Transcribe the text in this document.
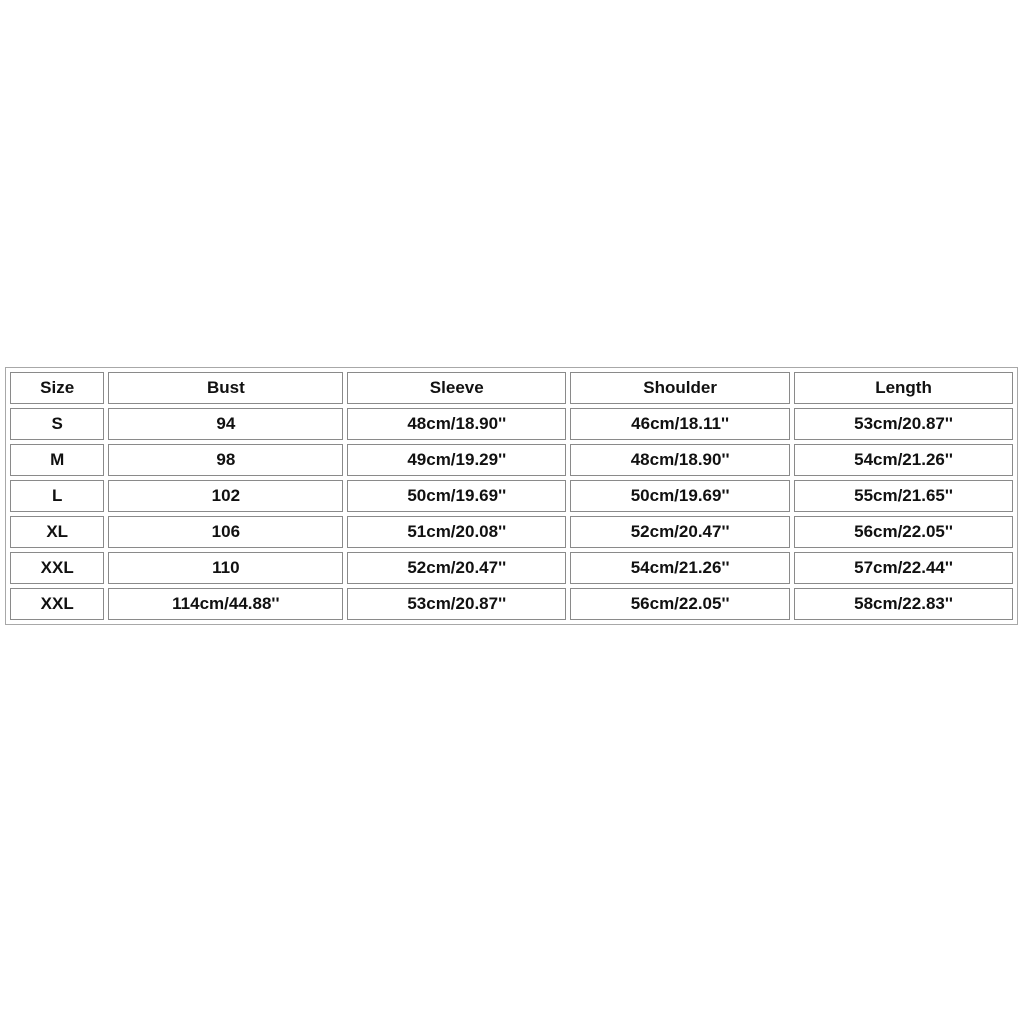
Size	Bust	Sleeve	Shoulder	Length
S	94	48cm/18.90''	46cm/18.11''	53cm/20.87''
M	98	49cm/19.29''	48cm/18.90''	54cm/21.26''
L	102	50cm/19.69''	50cm/19.69''	55cm/21.65''
XL	106	51cm/20.08''	52cm/20.47''	56cm/22.05''
XXL	110	52cm/20.47''	54cm/21.26''	57cm/22.44''
XXL	114cm/44.88''	53cm/20.87''	56cm/22.05''	58cm/22.83''
